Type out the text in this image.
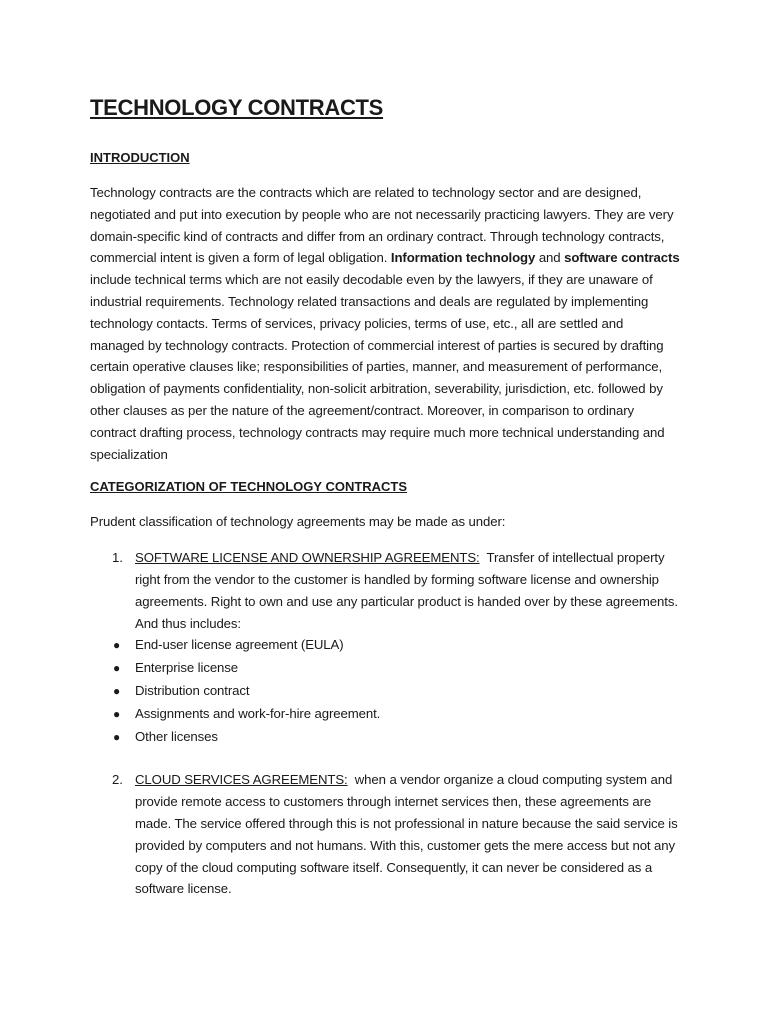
TECHNOLOGY CONTRACTS
INTRODUCTION

Technology contracts are the contracts which are related to technology sector and are designed, negotiated and put into execution by people who are not necessarily practicing lawyers. They are very domain-specific kind of contracts and differ from an ordinary contract. Through technology contracts, commercial intent is given a form of legal obligation. Information technology and software contracts include technical terms which are not easily decodable even by the lawyers, if they are unaware of industrial requirements. Technology related transactions and deals are regulated by implementing technology contacts. Terms of services, privacy policies, terms of use, etc., all are settled and managed by technology contracts. Protection of commercial interest of parties is secured by drafting certain operative clauses like; responsibilities of parties, manner, and measurement of performance, obligation of payments confidentiality, non-solicit arbitration, severability, jurisdiction, etc. followed by other clauses as per the nature of the agreement/contract. Moreover, in comparison to ordinary contract drafting process, technology contracts may require much more technical understanding and specialization

CATEGORIZATION OF TECHNOLOGY CONTRACTS

Prudent classification of technology agreements may be made as under:

1. SOFTWARE LICENSE AND OWNERSHIP AGREEMENTS: Transfer of intellectual property right from the vendor to the customer is handled by forming software license and ownership agreements. Right to own and use any particular product is handed over by these agreements. And thus includes:
● End-user license agreement (EULA)
● Enterprise license
● Distribution contract
● Assignments and work-for-hire agreement.
● Other licenses
2. CLOUD SERVICES AGREEMENTS: when a vendor organize a cloud computing system and provide remote access to customers through internet services then, these agreements are made. The service offered through this is not professional in nature because the said service is provided by computers and not humans. With this, customer gets the mere access but not any copy of the cloud computing software itself. Consequently, it can never be considered as a software license.
